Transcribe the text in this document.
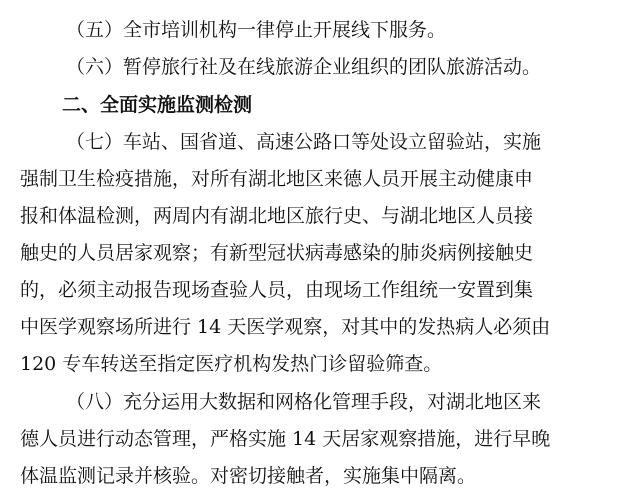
（五）全市培训机构一律停止开展线下服务。
（六）暂停旅行社及在线旅游企业组织的团队旅游活动。
二、全面实施监测检测
（七）车站、国省道、高速公路口等处设立留验站，实施
强制卫生检疫措施，对所有湖北地区来德人员开展主动健康申
报和体温检测，两周内有湖北地区旅行史、与湖北地区人员接
触史的人员居家观察；有新型冠状病毒感染的肺炎病例接触史
的，必须主动报告现场查验人员，由现场工作组统一安置到集
中医学观察场所进行 14 天医学观察，对其中的发热病人必须由
120 专车转送至指定医疗机构发热门诊留验筛查。
（八）充分运用大数据和网格化管理手段，对湖北地区来
德人员进行动态管理，严格实施 14 天居家观察措施，进行早晚
体温监测记录并核验。对密切接触者，实施集中隔离。
